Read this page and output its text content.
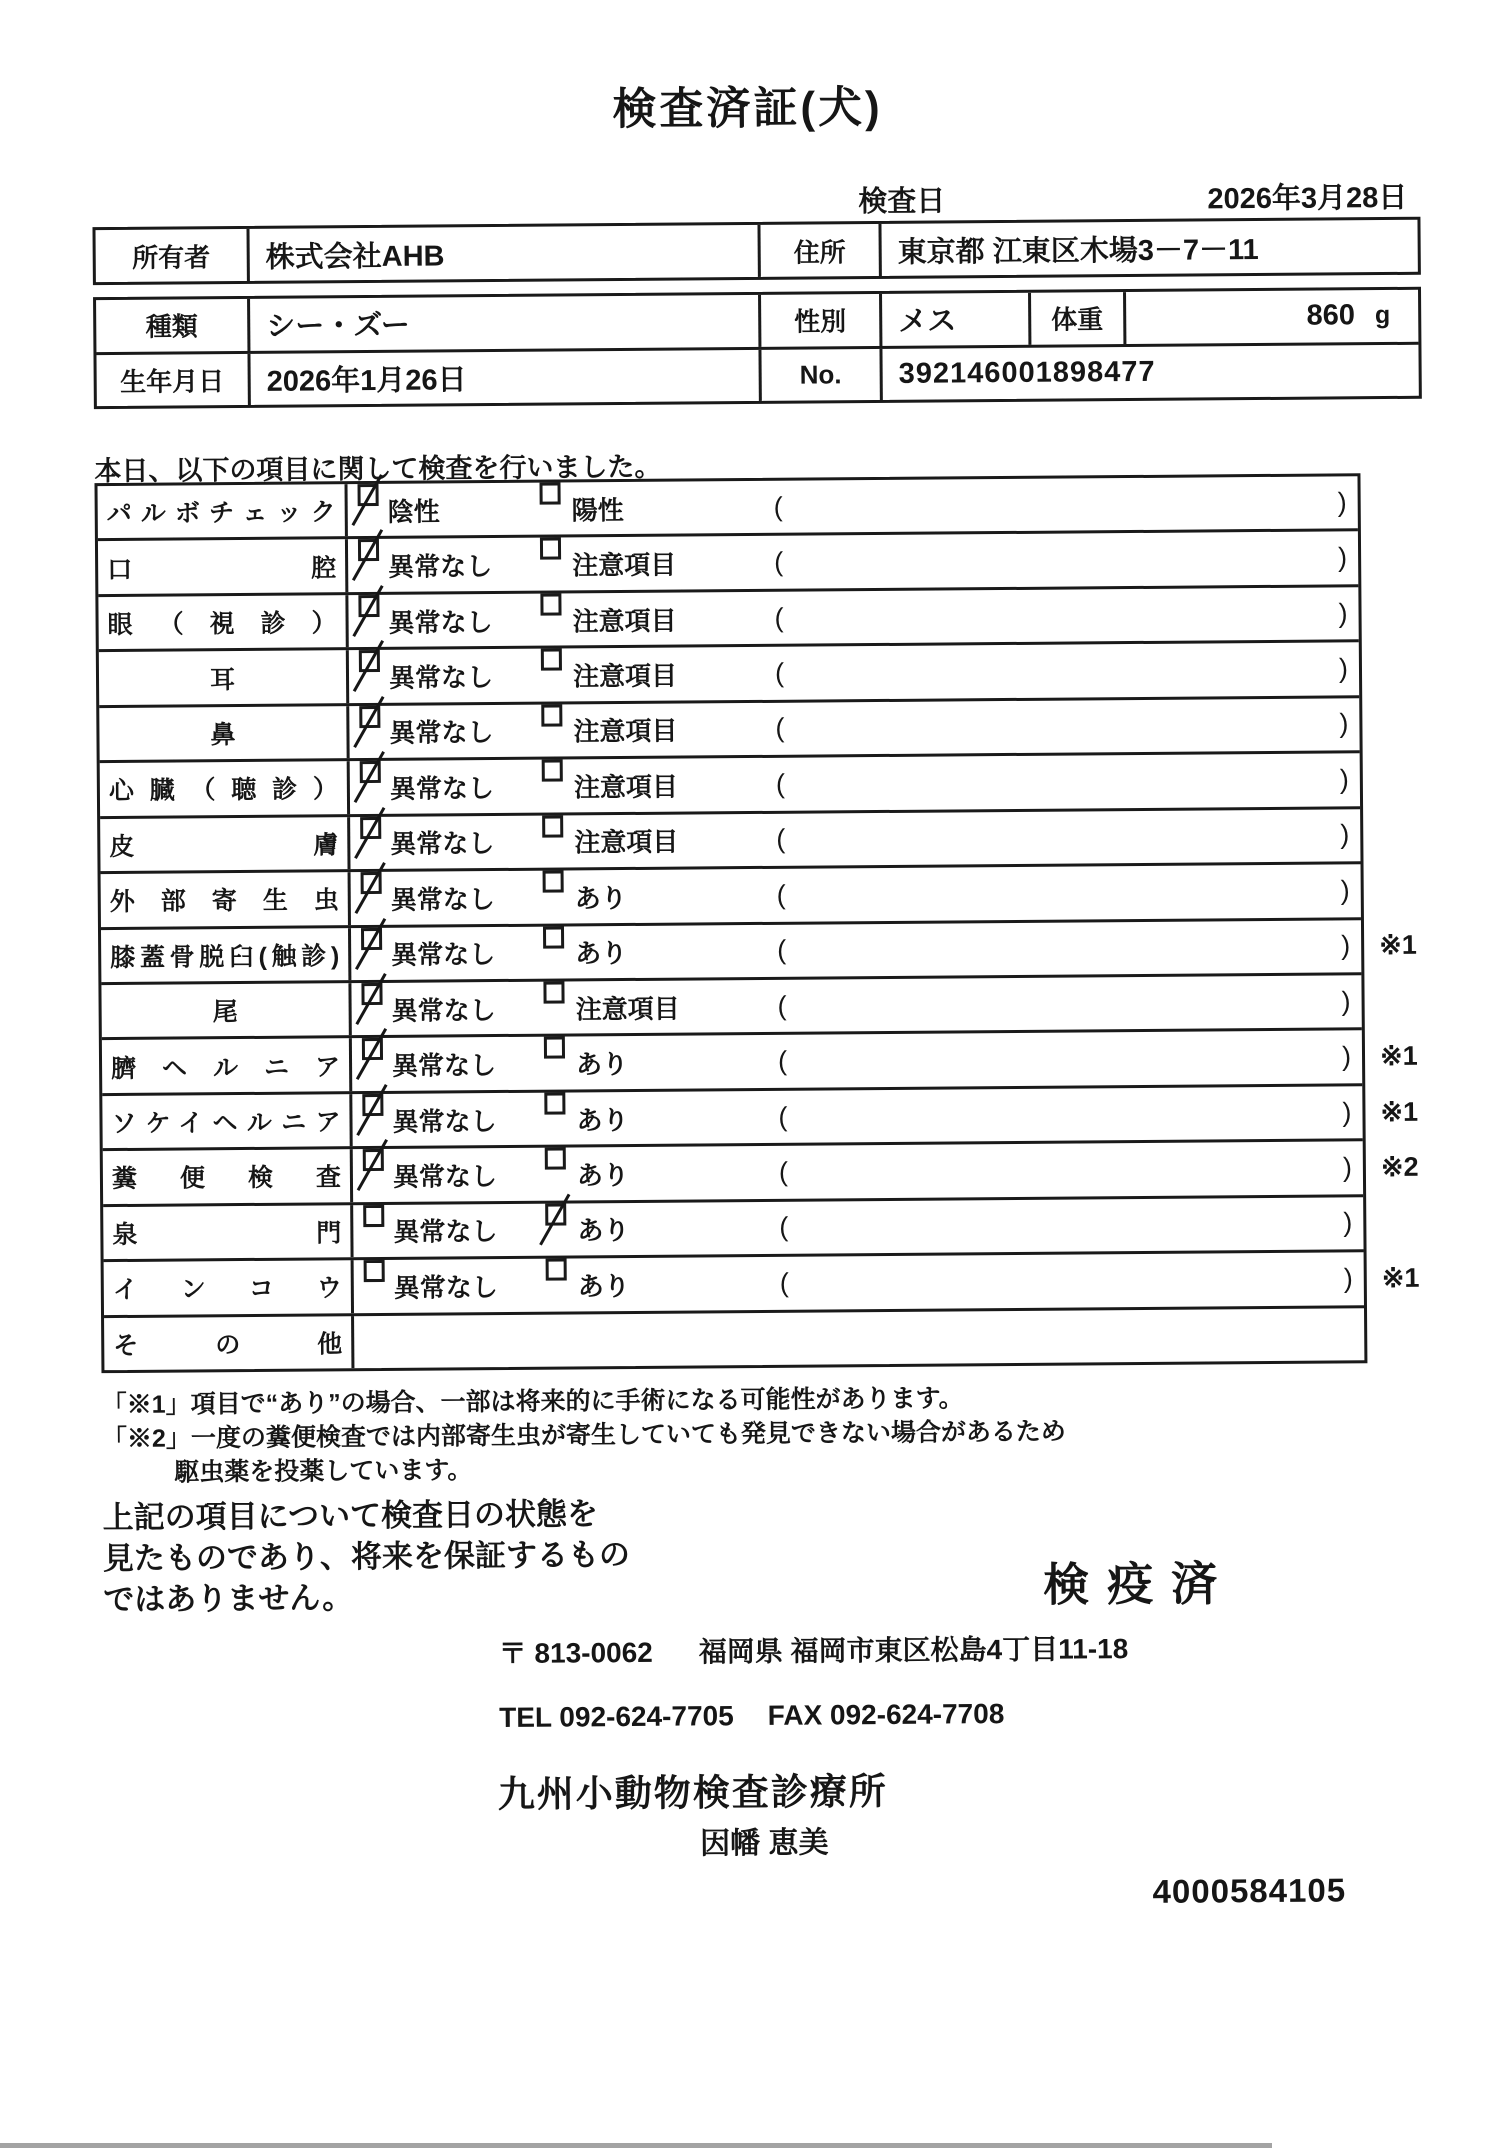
検査済証(犬)
検査日	2026年3月28日
所有者	株式会社AHB	住所	東京都 江東区木場3－7－11
種類	シー・ズー	性別	メス	体重	860 g
生年月日	2026年1月26日	No.	392146001898477
本日、以下の項目に関して検査を行いました。
パルボチェック	陰性	陽性	(	)
口腔	異常なし	注意項目	(	)
眼（視診）	異常なし	注意項目	(	)
耳	異常なし	注意項目	(	)
鼻	異常なし	注意項目	(	)
心臓（聴診）	異常なし	注意項目	(	)
皮膚	異常なし	注意項目	(	)
外部寄生虫	異常なし	あり	(	)
膝蓋骨脱臼(触診)	異常なし	あり	(	) ※1
尾	異常なし	注意項目	(	)
臍ヘルニア	異常なし	あり	(	) ※1
ソケイヘルニア	異常なし	あり	(	) ※1
糞便検査	異常なし	あり	(	) ※2
泉門	異常なし	あり	(	)
インコウ	異常なし	あり	(	) ※1
その他
「※1」項目で“あり”の場合、一部は将来的に手術になる可能性があります。
「※2」一度の糞便検査では内部寄生虫が寄生していても発見できない場合があるため
駆虫薬を投薬しています。
上記の項目について検査日の状態を
見たものであり、将来を保証するもの
ではありません。	検疫済
〒 813-0062 福岡県 福岡市東区松島4丁目11-18
TEL 092-624-7705 FAX 092-624-7708
九州小動物検査診療所
因幡 恵美
4000584105
